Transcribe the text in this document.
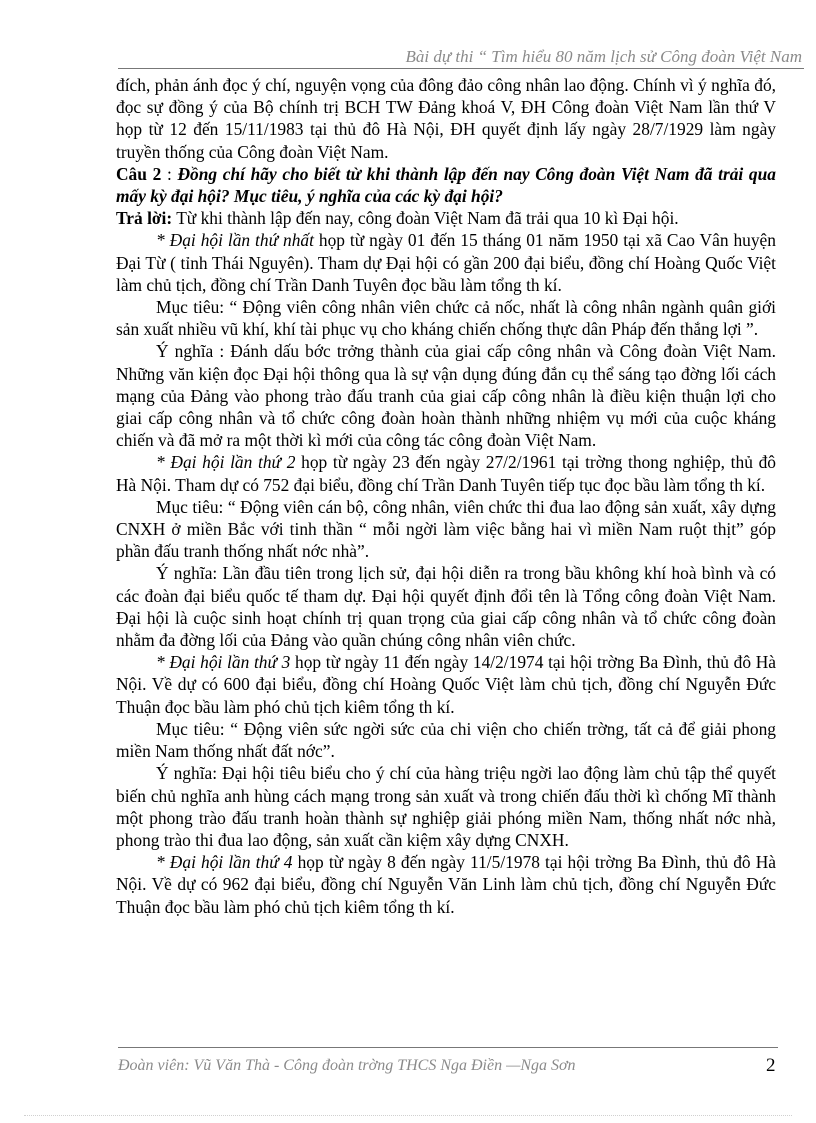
Bài dự thi “ Tìm hiểu 80 năm lịch sử Công đoàn Việt Nam

đích, phản ánh đọc ý chí, nguyện vọng của đông đảo công nhân lao động. Chính vì ý nghĩa đó, đọc sự đồng ý của Bộ chính trị BCH TW Đảng khoá V, ĐH Công đoàn Việt Nam lần thứ V họp từ 12 đến 15/11/1983 tại thủ đô Hà Nội, ĐH quyết định lấy ngày 28/7/1929 làm ngày truyền thống của Công đoàn Việt Nam.

Câu 2 : Đồng chí hãy cho biết từ khi thành lập đến nay Công đoàn Việt Nam đã trải qua mấy kỳ đại hội? Mục tiêu, ý nghĩa của các kỳ đại hội?

Trả lời: Từ khi thành lập đến nay, công đoàn Việt Nam đã trải qua 10 kì Đại hội.

* Đại hội lần thứ nhất họp từ ngày 01 đến 15 tháng 01 năm 1950 tại xã Cao Vân huyện Đại Từ ( tỉnh Thái Nguyên). Tham dự Đại hội có gần 200 đại biểu, đồng chí Hoàng Quốc Việt làm chủ tịch, đồng chí Trần Danh Tuyên đọc bầu làm tổng th kí.

Mục tiêu: “ Động viên công nhân viên chức cả nốc, nhất là công nhân ngành quân giới sản xuất nhiều vũ khí, khí tài phục vụ cho kháng chiến chống thực dân Pháp đến thắng lợi ”.

Ý nghĩa : Đánh dấu bớc trởng thành của giai cấp công nhân và Công đoàn Việt Nam. Những văn kiện đọc Đại hội thông qua là sự vận dụng đúng đắn cụ thể sáng tạo đờng lối cách mạng của Đảng vào phong trào đấu tranh của giai cấp công nhân là điều kiện thuận lợi cho giai cấp công nhân và tổ chức công đoàn hoàn thành những nhiệm vụ mới của cuộc kháng chiến và đã mở ra một thời kì mới của công tác công đoàn Việt Nam.

* Đại hội lần thứ 2 họp từ ngày 23 đến ngày 27/2/1961 tại trờng thong nghiệp, thủ đô Hà Nội. Tham dự có 752 đại biểu, đồng chí Trần Danh Tuyên tiếp tục đọc bầu làm tổng th kí.

Mục tiêu: “ Động viên cán bộ, công nhân, viên chức thi đua lao động sản xuất, xây dựng CNXH ở miền Bắc với tinh thần “ mỗi ngời làm việc bằng hai vì miền Nam ruột thịt” góp phần đấu tranh thống nhất nớc nhà”.

Ý nghĩa: Lần đầu tiên trong lịch sử, đại hội diễn ra trong bầu không khí hoà bình và có các đoàn đại biểu quốc tế tham dự. Đại hội quyết định đổi tên là Tổng công đoàn Việt Nam. Đại hội là cuộc sinh hoạt chính trị quan trọng của giai cấp công nhân và tổ chức công đoàn nhằm đa đờng lối của Đảng vào quần chúng công nhân viên chức.

* Đại hội lần thứ 3 họp từ ngày 11 đến ngày 14/2/1974 tại hội trờng Ba Đình, thủ đô Hà Nội. Về dự có 600 đại biểu, đồng chí Hoàng Quốc Việt làm chủ tịch, đồng chí Nguyễn Đức Thuận đọc bầu làm phó chủ tịch kiêm tổng th kí.

Mục tiêu: “ Động viên sức ngời sức của chi viện cho chiến trờng, tất cả để giải phong miền Nam thống nhất đất nớc”.

Ý nghĩa: Đại hội tiêu biểu cho ý chí của hàng triệu ngời lao động làm chủ tập thể quyết biến chủ nghĩa anh hùng cách mạng trong sản xuất và trong chiến đấu thời kì chống Mĩ thành một phong trào đấu tranh hoàn thành sự nghiệp giải phóng miền Nam, thống nhất nớc nhà, phong trào thi đua lao động, sản xuất cần kiệm xây dựng CNXH.

* Đại hội lần thứ 4 họp từ ngày 8 đến ngày 11/5/1978 tại hội trờng Ba Đình, thủ đô Hà Nội. Về dự có 962 đại biểu, đồng chí Nguyễn Văn Linh làm chủ tịch, đồng chí Nguyễn Đức Thuận đọc bầu làm phó chủ tịch kiêm tổng th kí.

Đoàn viên: Vũ Văn Thà - Công đoàn trờng THCS Nga Điền —Nga Sơn	2
